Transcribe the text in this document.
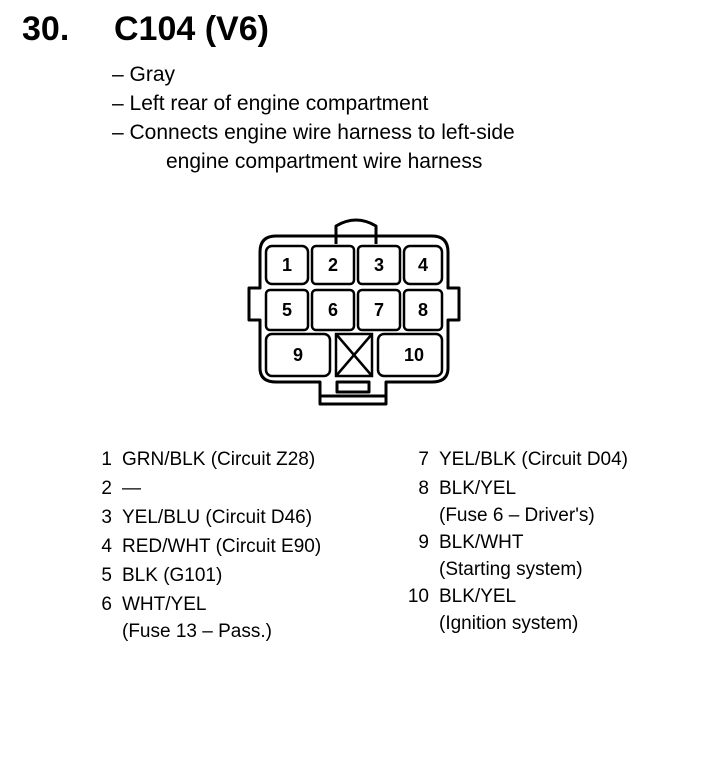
30. C104 (V6)
– Gray
– Left rear of engine compartment
– Connects engine wire harness to left-side
engine compartment wire harness
1 2 3 4
5 6 7 8
9	10
1 GRN/BLK (Circuit Z28)
2 —
3 YEL/BLU (Circuit D46)
4 RED/WHT (Circuit E90)
5 BLK (G101)
6 WHT/YEL
(Fuse 13 – Pass.)
7 YEL/BLK (Circuit D04)
8 BLK/YEL
(Fuse 6 – Driver's)
9 BLK/WHT
(Starting system)
10 BLK/YEL
(Ignition system)
